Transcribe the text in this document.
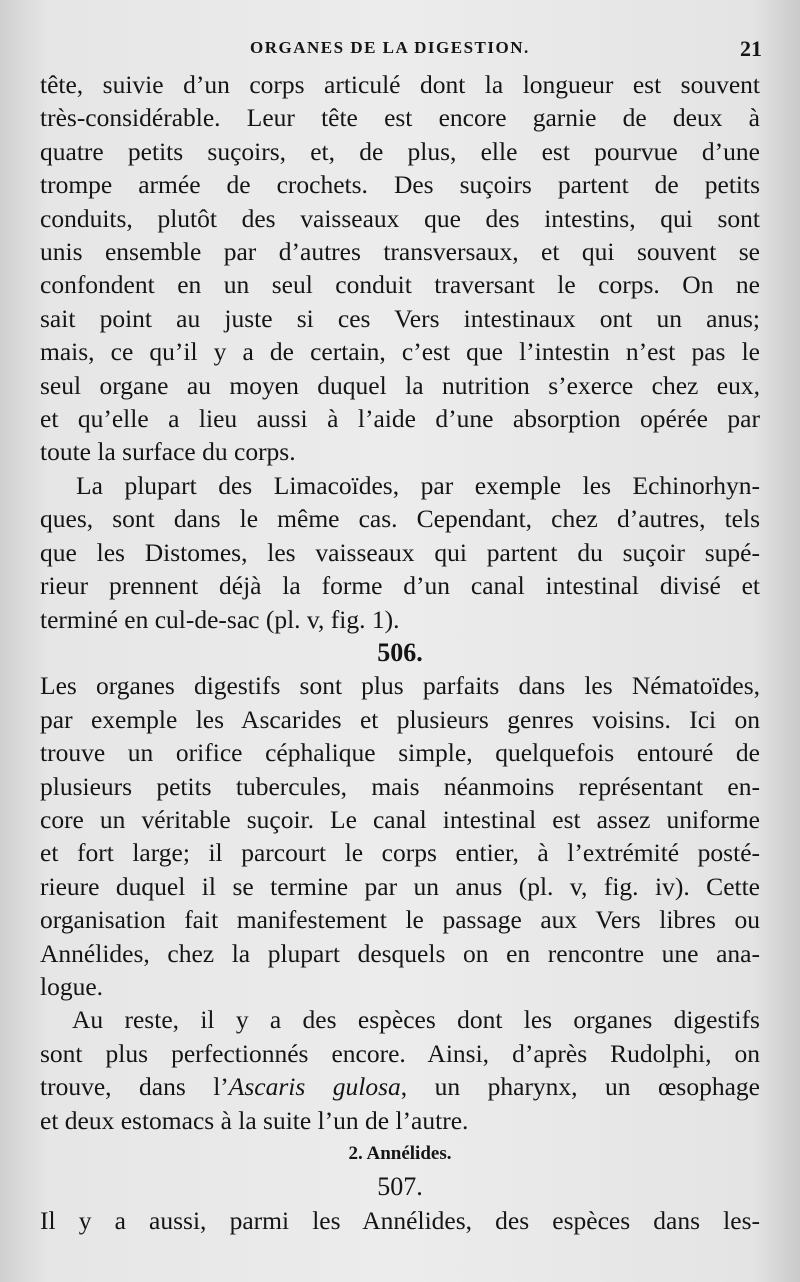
ORGANES DE LA DIGESTION.	21
tête, suivie d’un corps articulé dont la longueur est souvent
très-considérable. Leur tête est encore garnie de deux à
quatre petits suçoirs, et, de plus, elle est pourvue d’une
trompe armée de crochets. Des suçoirs partent de petits
conduits, plutôt des vaisseaux que des intestins, qui sont
unis ensemble par d’autres transversaux, et qui souvent se
confondent en un seul conduit traversant le corps. On ne
sait point au juste si ces Vers intestinaux ont un anus;
mais, ce qu’il y a de certain, c’est que l’intestin n’est pas le
seul organe au moyen duquel la nutrition s’exerce chez eux,
et qu’elle a lieu aussi à l’aide d’une absorption opérée par
toute la surface du corps.
La plupart des Limacoïdes, par exemple les Echinorhyn-
ques, sont dans le même cas. Cependant, chez d’autres, tels
que les Distomes, les vaisseaux qui partent du suçoir supé-
rieur prennent déjà la forme d’un canal intestinal divisé et
terminé en cul-de-sac (pl. v, fig. 1).
506.
Les organes digestifs sont plus parfaits dans les Nématoïdes,
par exemple les Ascarides et plusieurs genres voisins. Ici on
trouve un orifice céphalique simple, quelquefois entouré de
plusieurs petits tubercules, mais néanmoins représentant en-
core un véritable suçoir. Le canal intestinal est assez uniforme
et fort large; il parcourt le corps entier, à l’extrémité posté-
rieure duquel il se termine par un anus (pl. v, fig. iv). Cette
organisation fait manifestement le passage aux Vers libres ou
Annélides, chez la plupart desquels on en rencontre une ana-
logue.
Au reste, il y a des espèces dont les organes digestifs
sont plus perfectionnés encore. Ainsi, d’après Rudolphi, on
trouve, dans l’Ascaris gulosa, un pharynx, un œsophage
et deux estomacs à la suite l’un de l’autre.
2. Annélides.
507.
Il y a aussi, parmi les Annélides, des espèces dans les-
